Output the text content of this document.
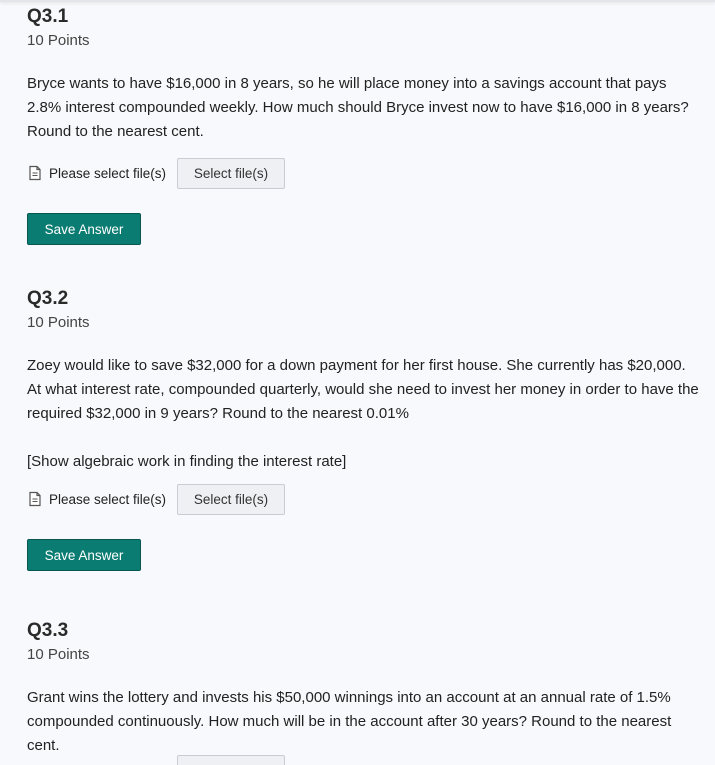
Q3.1
10 Points
Bryce wants to have $16,000 in 8 years, so he will place money into a savings account that pays 2.8% interest compounded weekly. How much should Bryce invest now to have $16,000 in 8 years? Round to the nearest cent.
Please select file(s)	Select file(s)
Save Answer
Q3.2
10 Points
Zoey would like to save $32,000 for a down payment for her first house. She currently has $20,000. At what interest rate, compounded quarterly, would she need to invest her money in order to have the required $32,000 in 9 years? Round to the nearest 0.01%
[Show algebraic work in finding the interest rate]
Please select file(s)	Select file(s)
Save Answer
Q3.3
10 Points
Grant wins the lottery and invests his $50,000 winnings into an account at an annual rate of 1.5% compounded continuously. How much will be in the account after 30 years? Round to the nearest cent.
